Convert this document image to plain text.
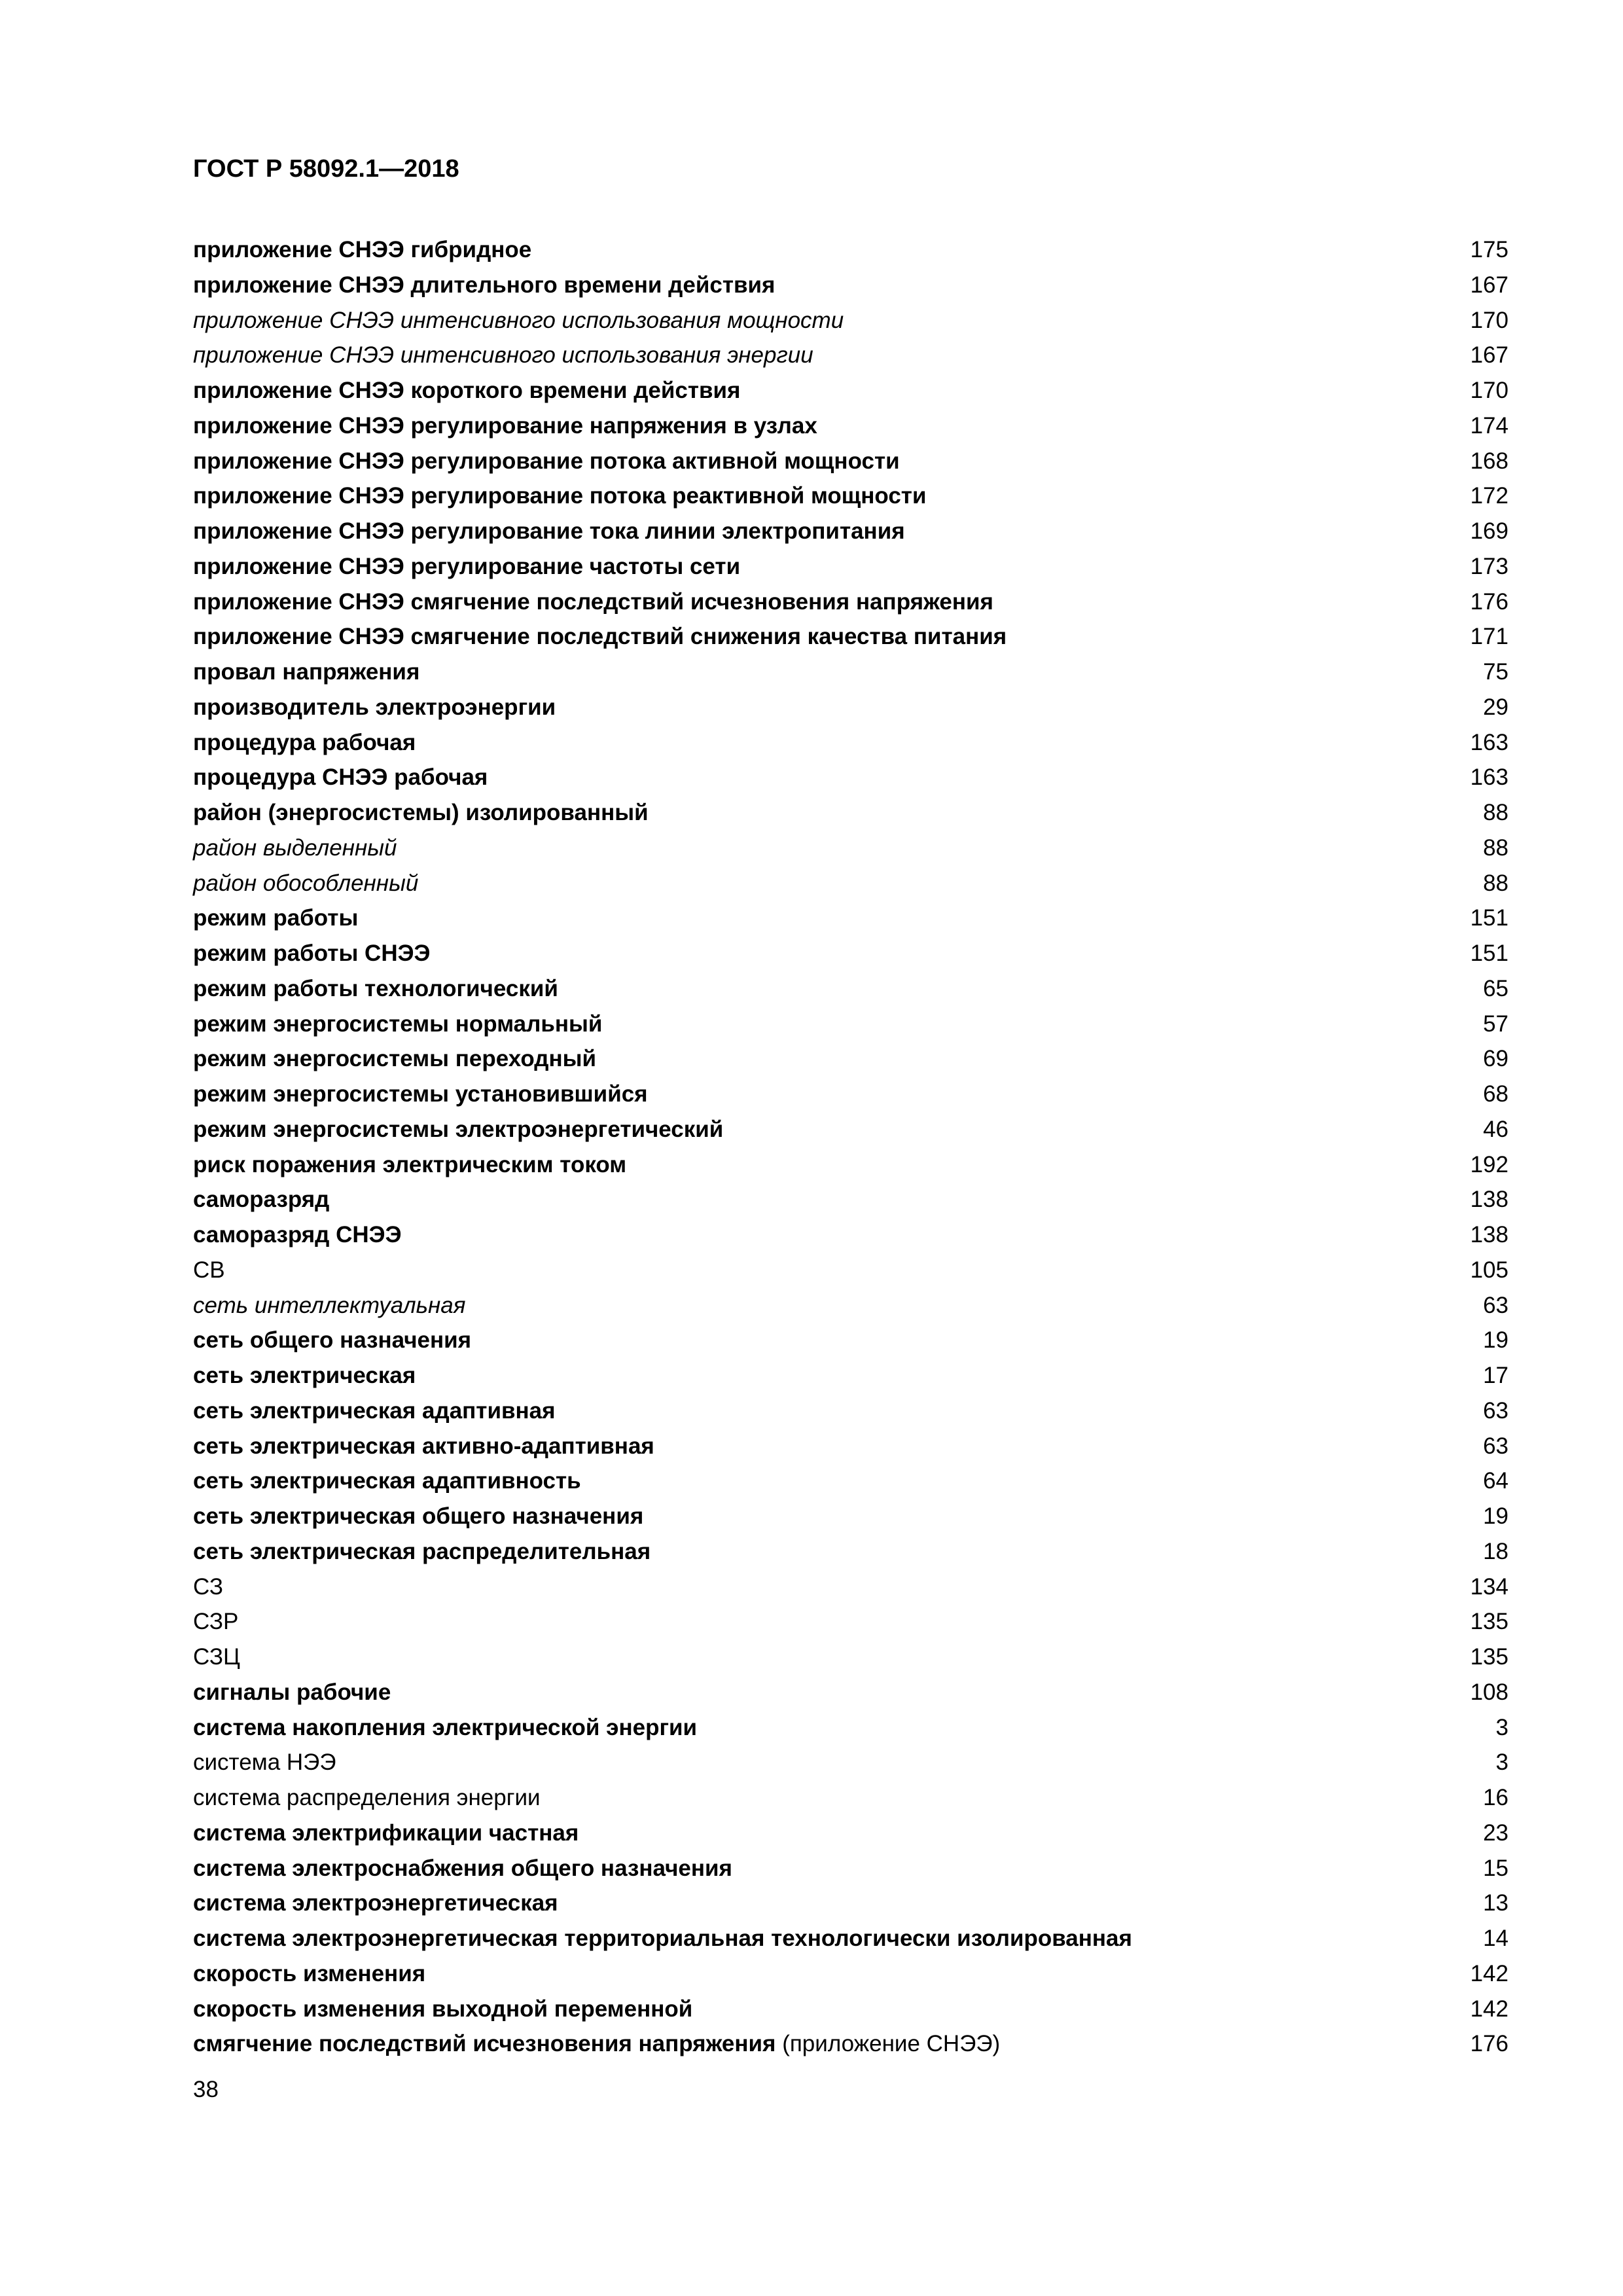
ГОСТ Р 58092.1—2018
приложение СНЭЭ гибридное	175
приложение СНЭЭ длительного времени действия	167
приложение СНЭЭ интенсивного использования мощности	170
приложение СНЭЭ интенсивного использования энергии	167
приложение СНЭЭ короткого времени действия	170
приложение СНЭЭ регулирование напряжения в узлах	174
приложение СНЭЭ регулирование потока активной мощности	168
приложение СНЭЭ регулирование потока реактивной мощности	172
приложение СНЭЭ регулирование тока линии электропитания	169
приложение СНЭЭ регулирование частоты сети	173
приложение СНЭЭ смягчение последствий исчезновения напряжения	176
приложение СНЭЭ смягчение последствий снижения качества питания	171
провал напряжения	75
производитель электроэнергии	29
процедура рабочая	163
процедура СНЭЭ рабочая	163
район (энергосистемы) изолированный	88
район выделенный	88
район обособленный	88
режим работы	151
режим работы СНЭЭ	151
режим работы технологический	65
режим энергосистемы нормальный	57
режим энергосистемы переходный	69
режим энергосистемы установившийся	68
режим энергосистемы электроэнергетический	46
риск поражения электрическим током	192
саморазряд	138
саморазряд СНЭЭ	138
СВ	105
сеть интеллектуальная	63
сеть общего назначения	19
сеть электрическая	17
сеть электрическая адаптивная	63
сеть электрическая активно-адаптивная	63
сеть электрическая адаптивность	64
сеть электрическая общего назначения	19
сеть электрическая распределительная	18
СЗ	134
СЗР	135
СЗЦ	135
сигналы рабочие	108
система накопления электрической энергии	3
система НЭЭ	3
система распределения энергии	16
система электрификации частная	23
система электроснабжения общего назначения	15
система электроэнергетическая	13
система электроэнергетическая территориальная технологически изолированная	14
скорость изменения	142
скорость изменения выходной переменной	142
смягчение последствий исчезновения напряжения (приложение СНЭЭ)	176
38
